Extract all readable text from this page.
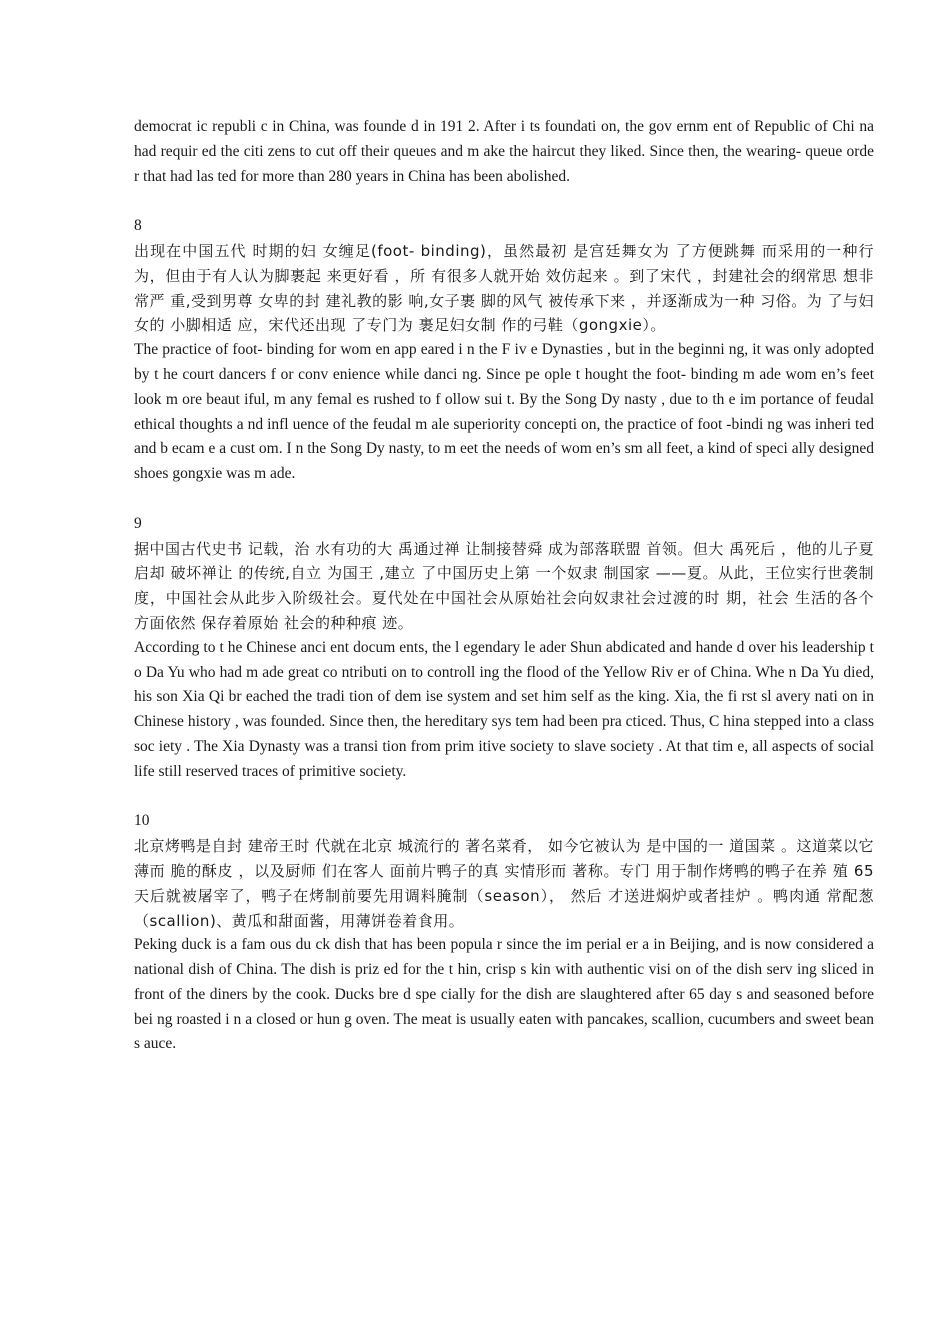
democrat ic republi c in China, was founde d in 191 2. After i ts foundati on, the gov ernm ent of Republic of Chi na had requir ed the citi zens to cut off their queues and m ake the haircut they liked. Since then, the wearing- queue orde r that had las ted for more than 280 years in China has been abolished.

8

出现在中国五代 时期的妇 女缠足(foot- binding)，虽然最初 是宫廷舞女为 了方便跳舞 而采用的一种行为，但由于有人认为脚裹起 来更好看 ，所 有很多人就开始 效仿起来 。到了宋代 ，封建社会的纲常思 想非常严 重,受到男尊 女卑的封 建礼教的影 响,女子裹 脚的风气 被传承下来 ，并逐渐成为一种 习俗。为 了与妇女的 小脚相适 应，宋代还出现 了专门为 裹足妇女制 作的弓鞋（gongxie）。

The practice of foot- binding for wom en app eared i n the F iv e Dynasties , but in the beginni ng, it was only adopted by t he court dancers f or conv enience while danci ng. Since pe ople t hought the foot- binding m ade wom en’s feet look m ore beaut iful, m any femal es rushed to f ollow sui t. By the Song Dy nasty , due to th e im portance of feudal ethical thoughts a nd infl uence of the feudal m ale superiority concepti on, the practice of foot -bindi ng was inheri ted and b ecam e a cust om. I n the Song Dy nasty, to m eet the needs of wom en’s sm all feet, a kind of speci ally designed shoes gongxie was m ade.

9

据中国古代史书 记载，治 水有功的大 禹通过禅 让制接替舜 成为部落联盟 首领。但大 禹死后 ，他的儿子夏启却 破坏禅让 的传统,自立 为国王 ,建立 了中国历史上第 一个奴隶 制国家 ——夏。从此，王位实行世袭制度，中国社会从此步入阶级社会。夏代处在中国社会从原始社会向奴隶社会过渡的时 期，社会 生活的各个 方面依然 保存着原始 社会的种种痕 迹。

According to t he Chinese anci ent docum ents, the l egendary le ader Shun abdicated and hande d over his leadership t o Da Yu who had m ade great co ntributi on to controll ing the flood of the Yellow Riv er of China. Whe n Da Yu died, his son Xia Qi br eached the tradi tion of dem ise system and set him self as the king. Xia, the fi rst sl avery nati on in Chinese history , was founded. Since then, the hereditary sys tem had been pra cticed. Thus, C hina stepped into a class soc iety . The Xia Dynasty was a transi tion from prim itive society to slave society . At that tim e, all aspects of social life still reserved traces of primitive society.

10

北京烤鸭是自封 建帝王时 代就在北京 城流行的 著名菜肴， 如今它被认为 是中国的一 道国菜 。这道菜以它薄而 脆的酥皮 ，以及厨师 们在客人 面前片鸭子的真 实情形而 著称。专门 用于制作烤鸭的鸭子在养 殖 65 天后就被屠宰了，鸭子在烤制前要先用调料腌制（season）， 然后 才送进焖炉或者挂炉 。鸭肉通 常配葱（scallion)、黄瓜和甜面酱，用薄饼卷着食用。

Peking duck is a fam ous du ck dish that has been popula r since the im perial er a in Beijing, and is now considered a national dish of China. The dish is priz ed for the t hin, crisp s kin with authentic visi on of the dish serv ing sliced in front of the diners by the cook. Ducks bre d spe cially for the dish are slaughtered after 65 day s and seasoned before bei ng roasted i n a closed or hun g oven. The meat is usually eaten with pancakes, scallion, cucumbers and sweet bean s auce.
